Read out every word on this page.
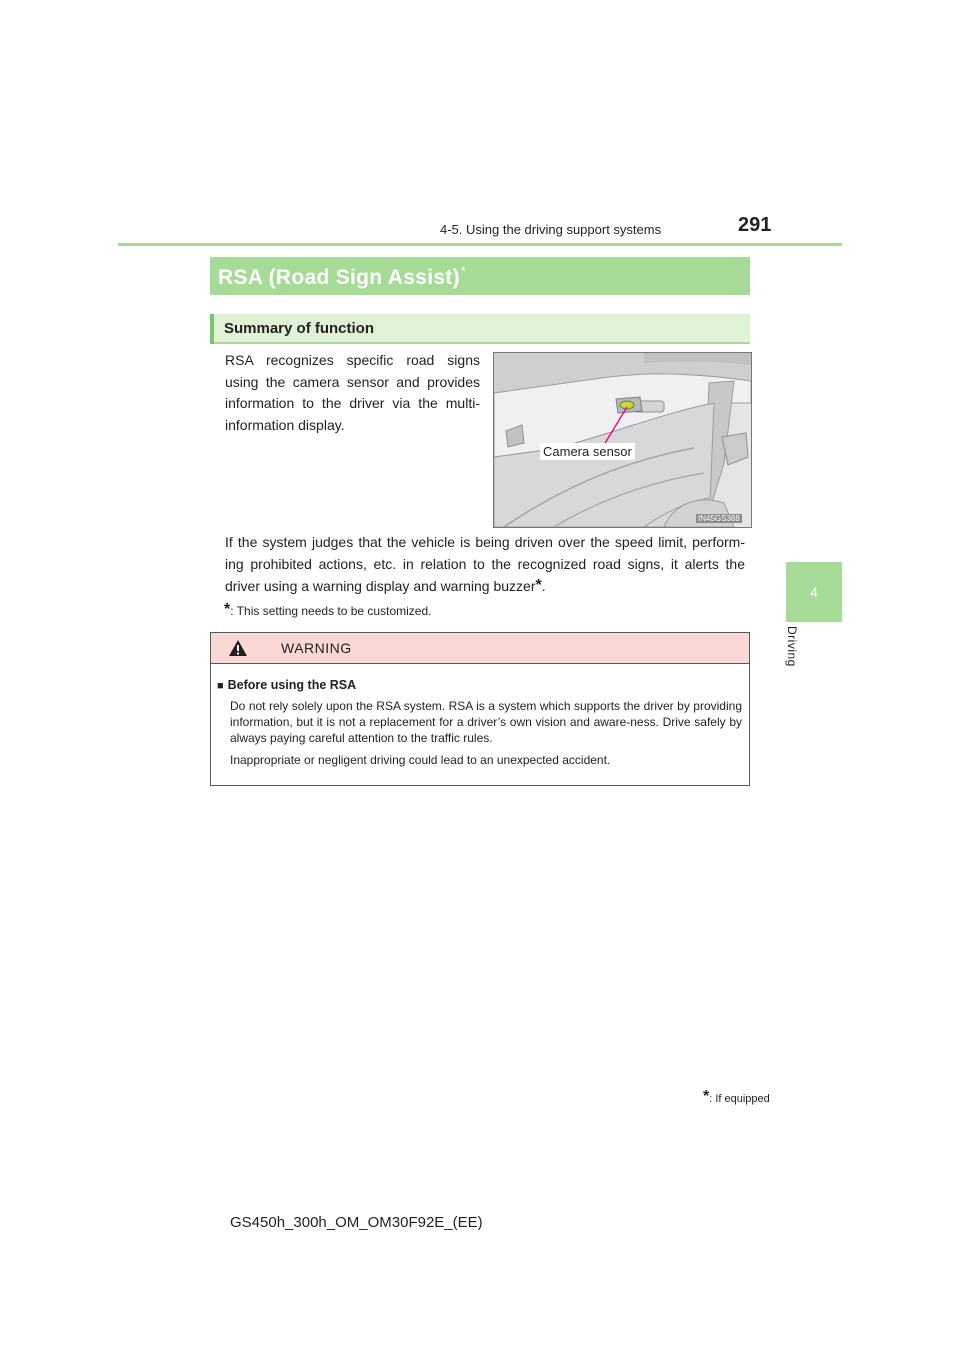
4-5. Using the driving support systems	291
4
Driving
RSA (Road Sign Assist)*
Summary of function
RSA recognizes specific road signs using the camera sensor and provides information to the driver via the multi-information display.
Camera sensor
IN45GS388
If the system judges that the vehicle is being driven over the speed limit, perform-ing prohibited actions, etc. in relation to the recognized road signs, it alerts the driver using a warning display and warning buzzer*.
*: This setting needs to be customized.
WARNING
■ Before using the RSA
Do not rely solely upon the RSA system. RSA is a system which supports the driver by providing information, but it is not a replacement for a driver’s own vision and aware-ness. Drive safely by always paying careful attention to the traffic rules.
Inappropriate or negligent driving could lead to an unexpected accident.
*: If equipped
GS450h_300h_OM_OM30F92E_(EE)
